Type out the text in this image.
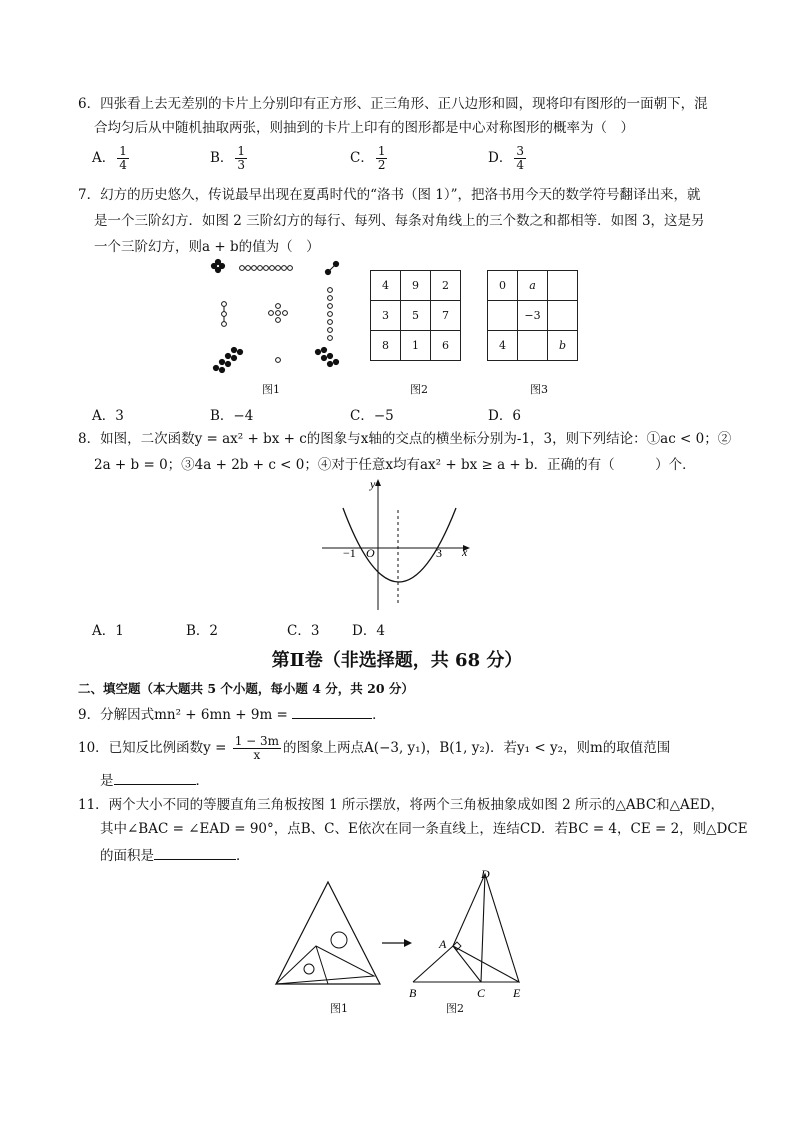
6．四张看上去无差别的卡片上分别印有正方形、正三角形、正八边形和圆，现将印有图形的一面朝下，混
合均匀后从中随机抽取两张，则抽到的卡片上印有的图形都是中心对称图形的概率为（　）
A． $\frac{1}{4}$	B． $\frac{1}{3}$	C． $\frac{1}{2}$	D． $\frac{3}{4}$
7．幻方的历史悠久，传说最早出现在夏禹时代的“洛书（图 1）”，把洛书用今天的数学符号翻译出来，就
是一个三阶幻方．如图 2 三阶幻方的每行、每列、每条对角线上的三个数之和都相等．如图 3，这是另
一个三阶幻方，则a + b的值为（　）
图1
4	9	2
3	5	7
8	1	6
图2
0	a	
	−3	
4		b
图3
A．3	B．−4	C．−5	D．6
8．如图，二次函数y = ax² + bx + c的图象与x轴的交点的横坐标分别为-1，3，则下列结论：①ac < 0；②
2a + b = 0；③4a + 2b + c < 0；④对于任意x均有ax² + bx ≥ a + b．正确的有（　　　）个．
y
x
O
−1	3
A．1	B．2	C．3 D．4
第Ⅱ卷（非选择题，共 68 分）
二、填空题（本大题共 5 个小题，每小题 4 分，共 20 分）
9．分解因式mn² + 6mn + 9m =	．
10．已知反比例函数$y = \frac{1 - 3m}{x}$ 的图象上两点A(−3, y₁)，B(1, y₂)．若y₁ < y₂，则m的取值范围
是	．
11．两个大小不同的等腰直角三角板按图 1 所示摆放，将两个三角板抽象成如图 2 所示的△ABC和△AED，
其中∠BAC = ∠EAD = 90°，点B、C、E依次在同一条直线上，连结CD．若BC = 4，CE = 2，则△DCE
的面积是	．
D
A
B	C E
图1	图2
